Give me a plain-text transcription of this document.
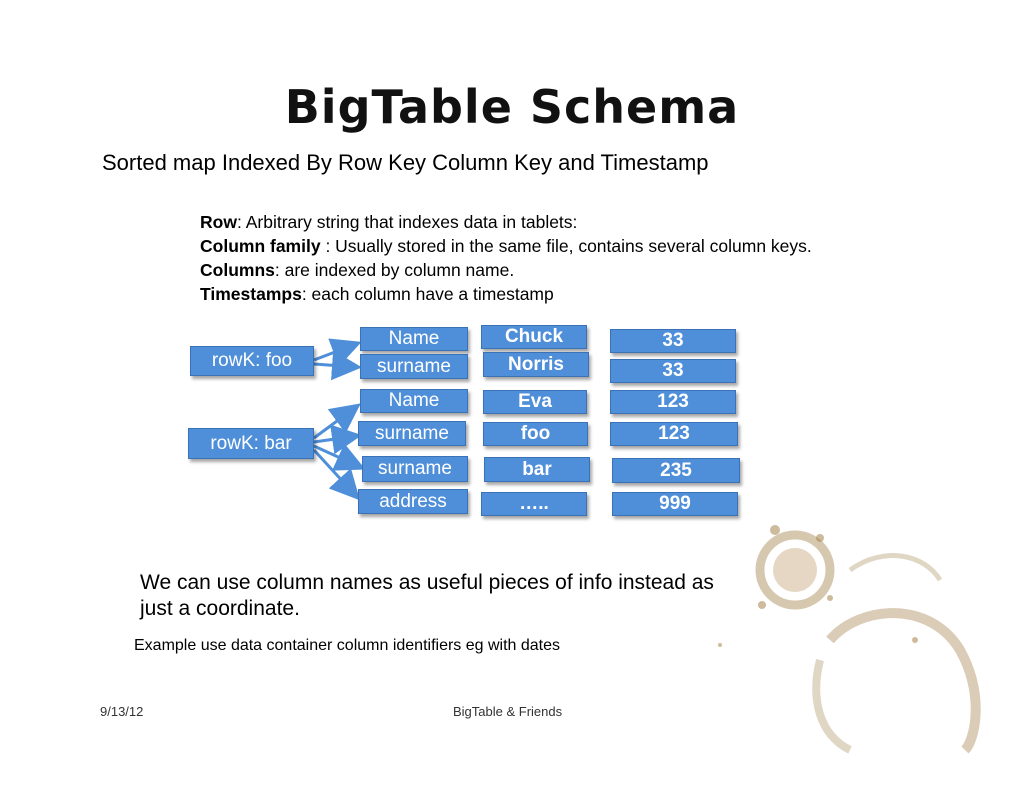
BigTable Schema
Sorted map Indexed By Row Key Column Key and Timestamp
Row: Arbitrary string that indexes data in tablets:
Column family : Usually stored in the same file, contains several column keys.
Columns: are indexed by column name.
Timestamps: each column have a timestamp
rowK: foo
rowK: bar
Name
surname
Name
surname
surname
address
Chuck
Norris
Eva
foo
bar
…..
33
33
123
123
235
999
We can use column names as useful pieces of info instead as
just a coordinate.
Example use data container column identifiers eg with dates
9/13/12	BigTable & Friends
